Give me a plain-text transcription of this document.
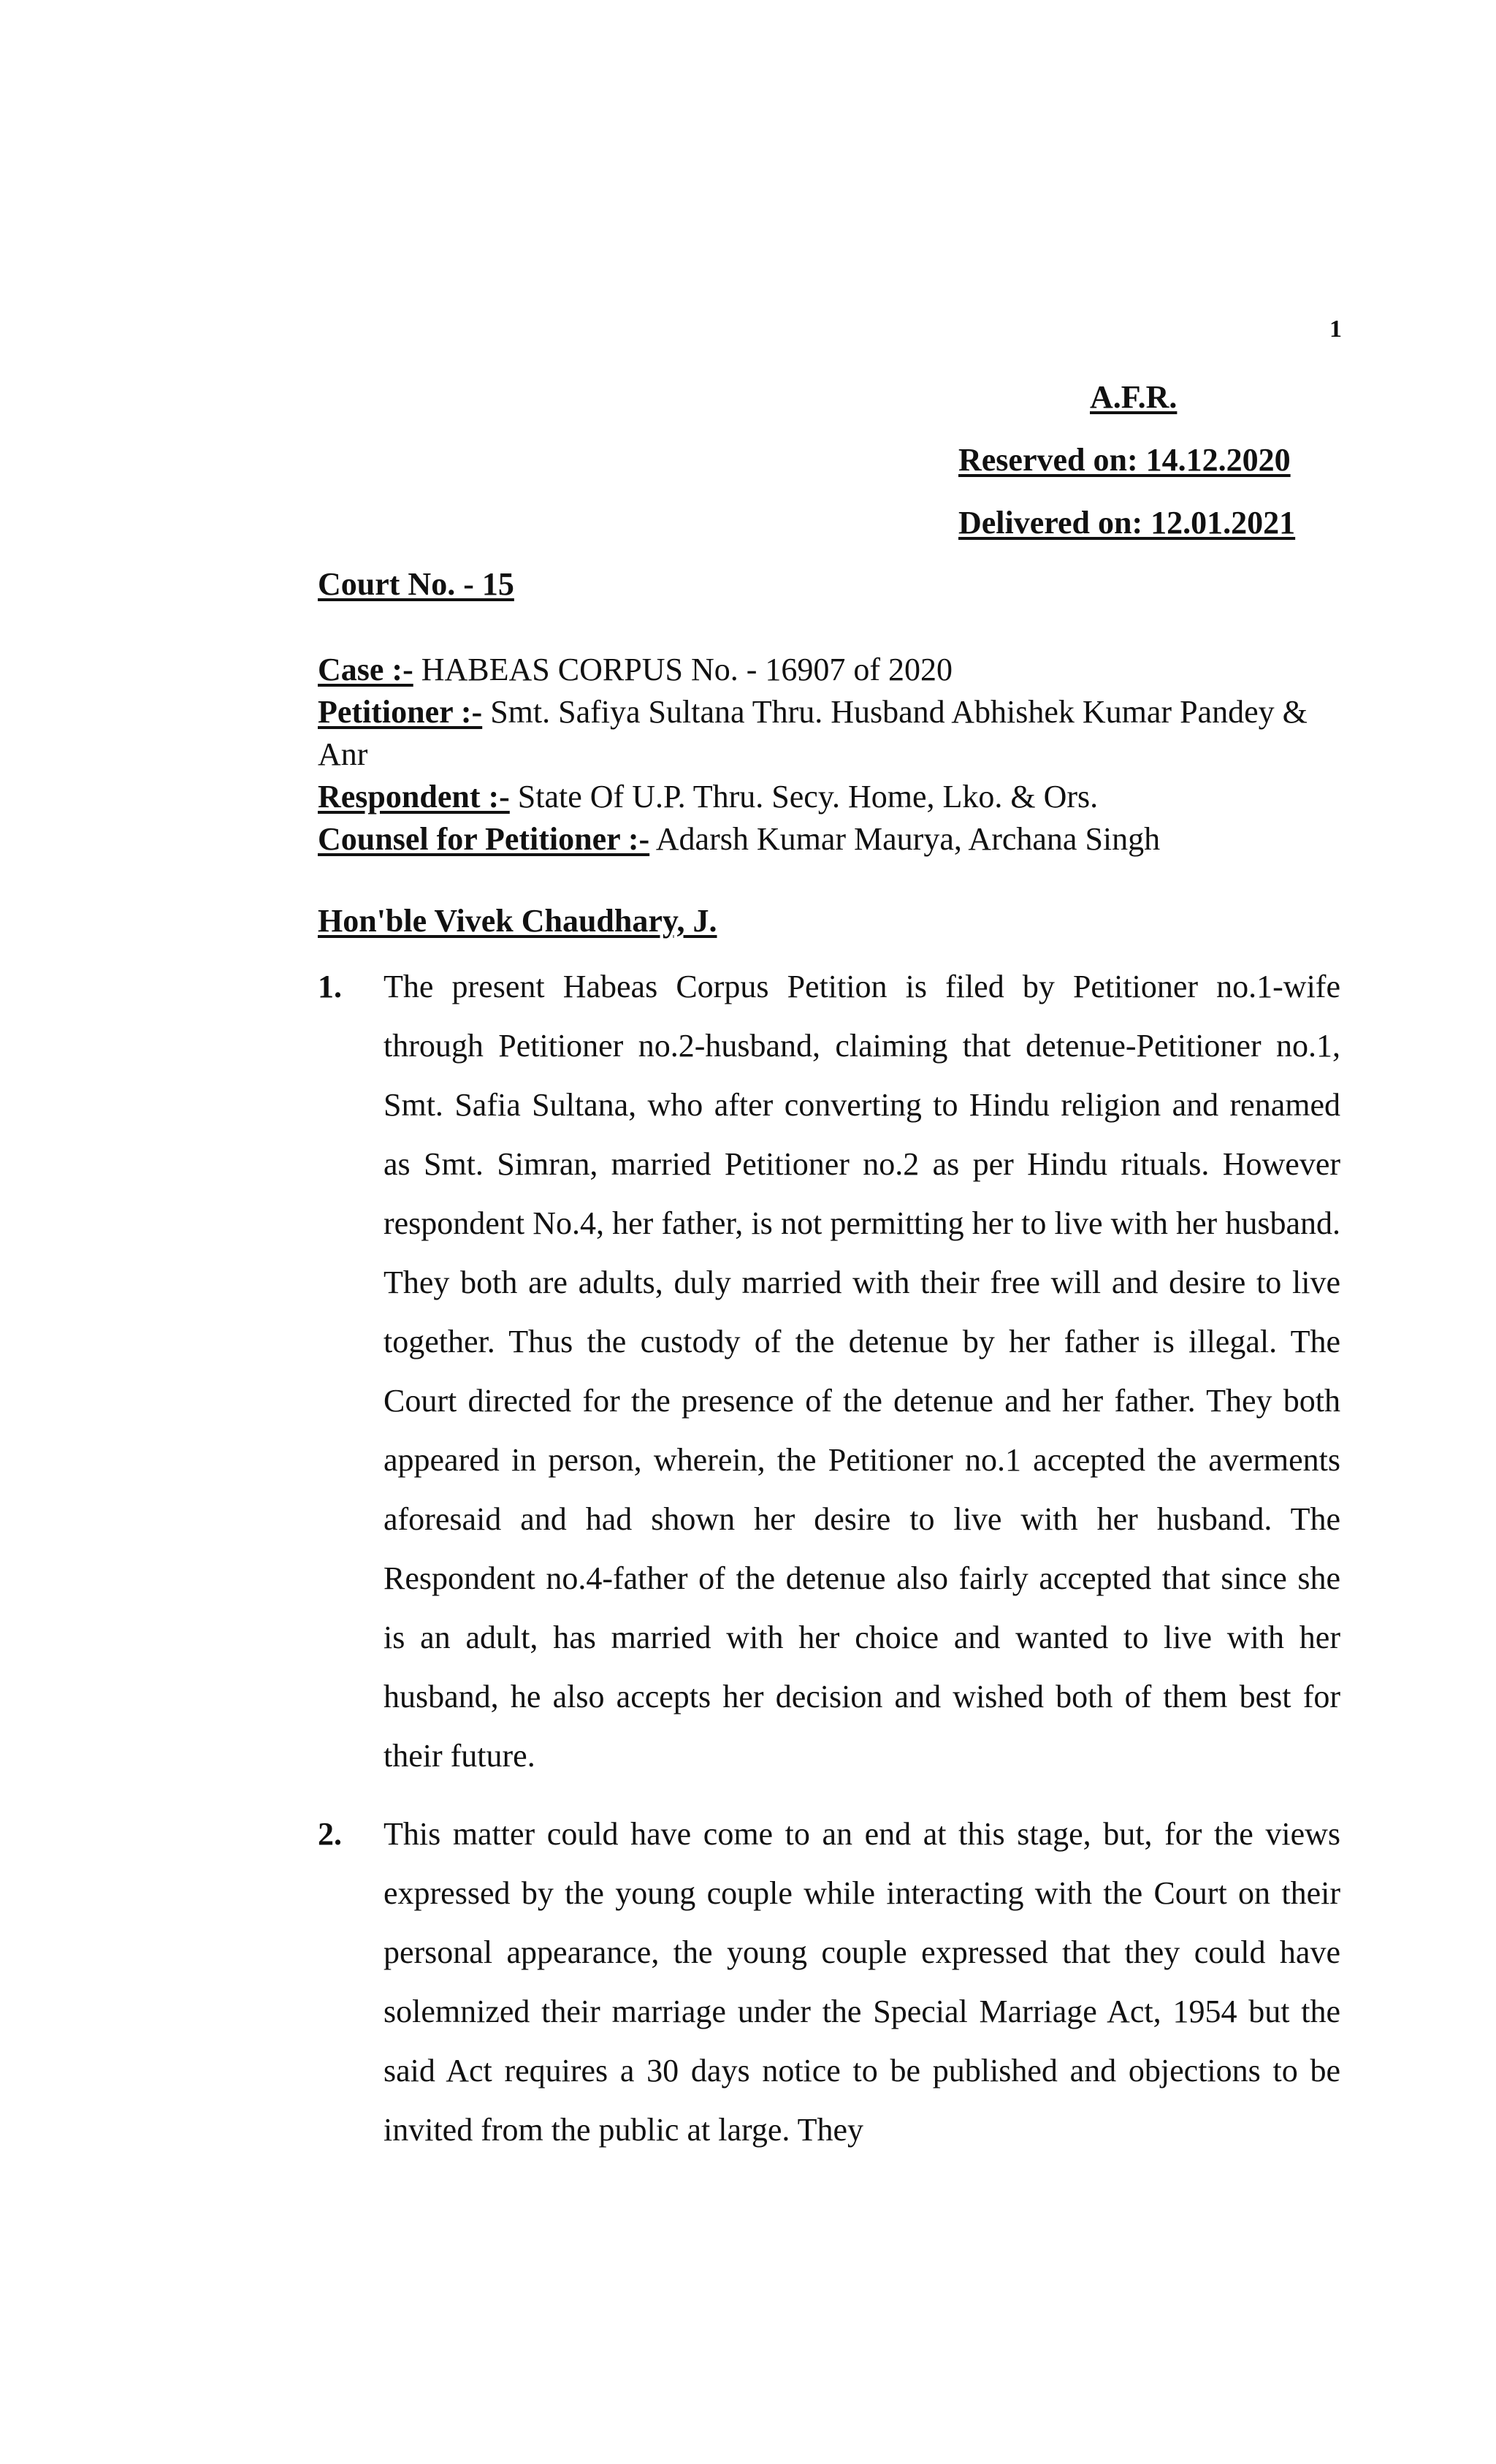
1
A.F.R.
Reserved on: 14.12.2020
Delivered on: 12.01.2021
Court No. - 15
Case :- HABEAS CORPUS No. - 16907 of 2020
Petitioner :- Smt. Safiya Sultana Thru. Husband Abhishek Kumar Pandey & Anr
Respondent :- State Of U.P. Thru. Secy. Home, Lko. & Ors.
Counsel for Petitioner :- Adarsh Kumar Maurya, Archana Singh
Hon'ble Vivek Chaudhary, J.
1. The present Habeas Corpus Petition is filed by Petitioner no.1-wife through Petitioner no.2-husband, claiming that detenue-Petitioner no.1, Smt. Safia Sultana, who after converting to Hindu religion and renamed as Smt. Simran, married Petitioner no.2 as per Hindu rituals. However respondent No.4, her father, is not permitting her to live with her husband. They both are adults, duly married with their free will and desire to live together. Thus the custody of the detenue by her father is illegal. The Court directed for the presence of the detenue and her father. They both appeared in person, wherein, the Petitioner no.1 accepted the averments aforesaid and had shown her desire to live with her husband. The Respondent no.4-father of the detenue also fairly accepted that since she is an adult, has married with her choice and wanted to live with her husband, he also accepts her decision and wished both of them best for their future.
2. This matter could have come to an end at this stage, but, for the views expressed by the young couple while interacting with the Court on their personal appearance, the young couple expressed that they could have solemnized their marriage under the Special Marriage Act, 1954 but the said Act requires a 30 days notice to be published and objections to be invited from the public at large. They
